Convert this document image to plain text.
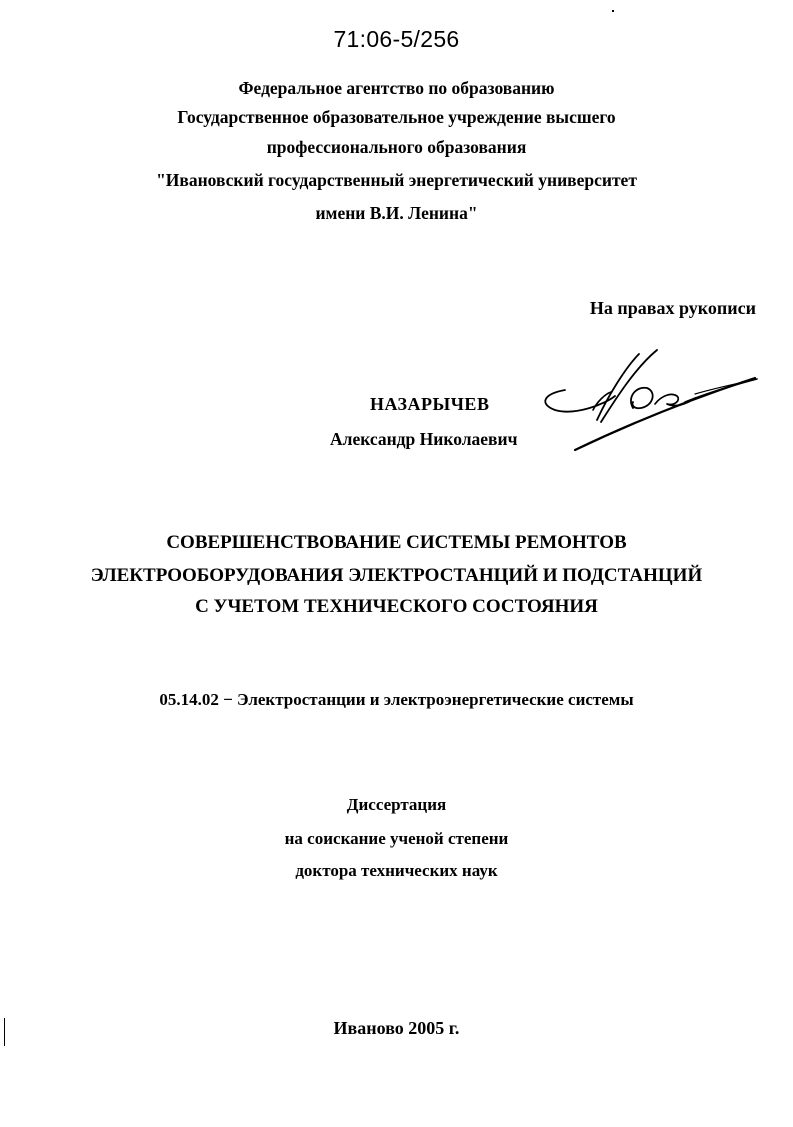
71:06-5/256
Федеральное агентство по образованию
Государственное образовательное учреждение высшего
профессионального образования
"Ивановский государственный энергетический университет
имени В.И. Ленина"
На правах рукописи
НАЗАРЫЧЕВ
Александр Николаевич
СОВЕРШЕНСТВОВАНИЕ СИСТЕМЫ РЕМОНТОВ
ЭЛЕКТРООБОРУДОВАНИЯ ЭЛЕКТРОСТАНЦИЙ И ПОДСТАНЦИЙ
С УЧЕТОМ ТЕХНИЧЕСКОГО СОСТОЯНИЯ
05.14.02 − Электростанции и электроэнергетические системы
Диссертация
на соискание ученой степени
доктора технических наук
Иваново 2005 г.
